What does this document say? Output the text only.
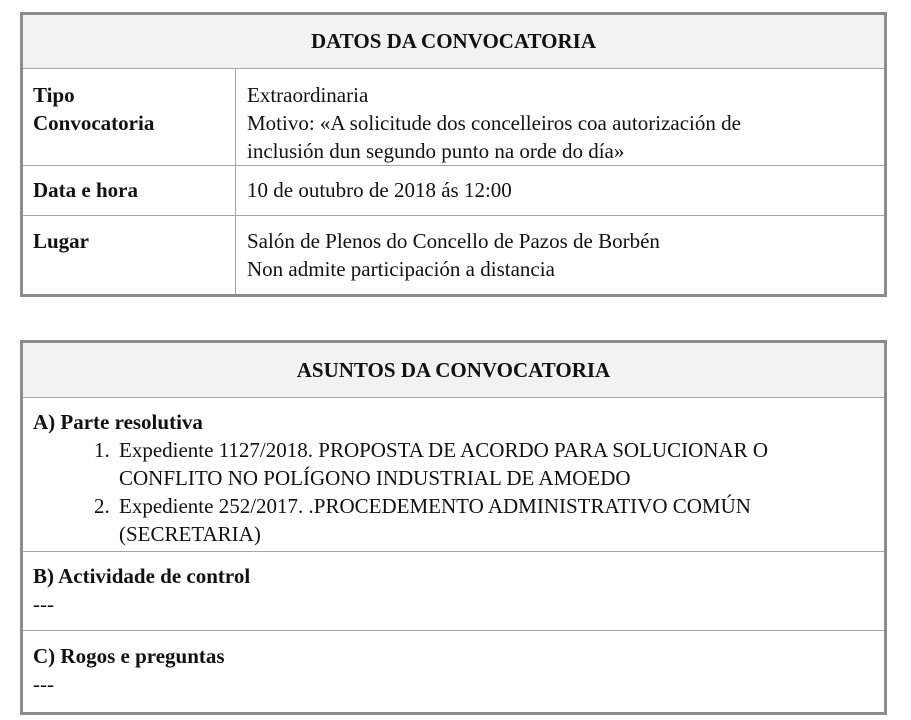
DATOS DA CONVOCATORIA	

Tipo
Convocatoria	Extraordinaria
Motivo: «A solicitude dos concelleiros coa autorización de
inclusión dun segundo punto na orde do día»

Data e hora	10 de outubro de 2018 ás 12:00

Lugar	Salón de Plenos do Concello de Pazos de Borbén
Non admite participación a distancia
ASUNTOS DA CONVOCATORIA

A) Parte resolutiva
1. Expediente 1127/2018. PROPOSTA DE ACORDO PARA SOLUCIONAR O CONFLITO NO POLÍGONO INDUSTRIAL DE AMOEDO
2. Expediente 252/2017. .PROCEDEMENTO ADMINISTRATIVO COMÚN (SECRETARIA)

B) Actividade de control
---

C) Rogos e preguntas
---
